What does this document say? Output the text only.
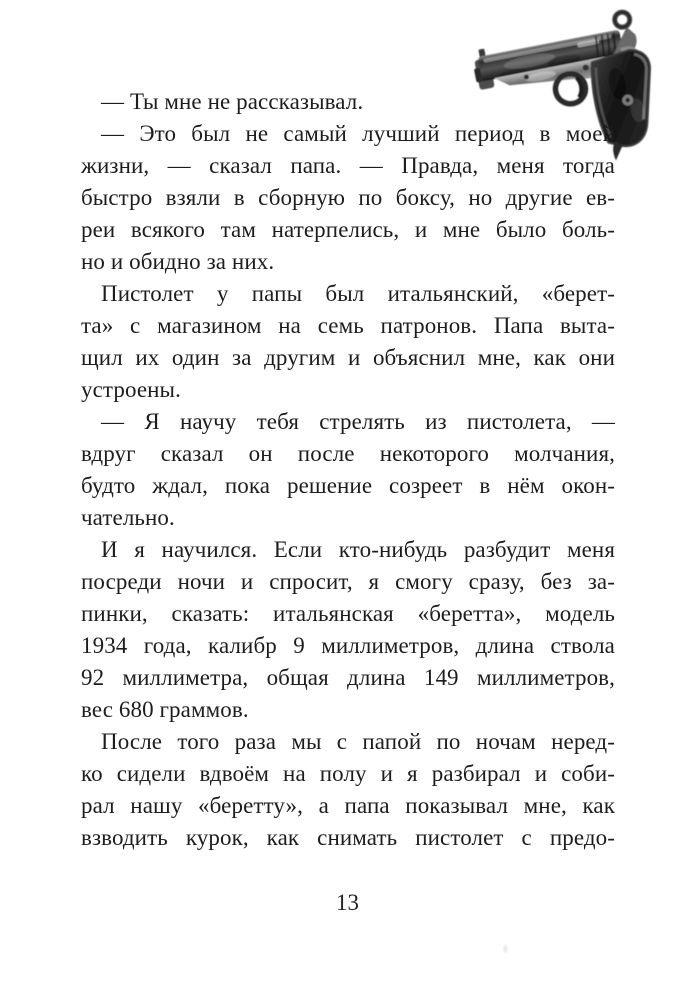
— Ты мне не рассказывал.
— Это был не самый лучший период в моей
жизни, — сказал папа. — Правда, меня тогда
быстро взяли в сборную по боксу, но другие ев-
реи всякого там натерпелись, и мне было боль-
но и обидно за них.
Пистолет у папы был итальянский, «берет-
та» с магазином на семь патронов. Папа выта-
щил их один за другим и объяснил мне, как они
устроены.
— Я научу тебя стрелять из пистолета, —
вдруг сказал он после некоторого молчания,
будто ждал, пока решение созреет в нём окон-
чательно.
И я научился. Если кто-нибудь разбудит меня
посреди ночи и спросит, я смогу сразу, без за-
пинки, сказать: итальянская «беретта», модель
1934 года, калибр 9 миллиметров, длина ствола
92 миллиметра, общая длина 149 миллиметров,
вес 680 граммов.
После того раза мы с папой по ночам неред-
ко сидели вдвоём на полу и я разбирал и соби-
рал нашу «беретту», а папа показывал мне, как
взводить курок, как снимать пистолет с предо-
13
